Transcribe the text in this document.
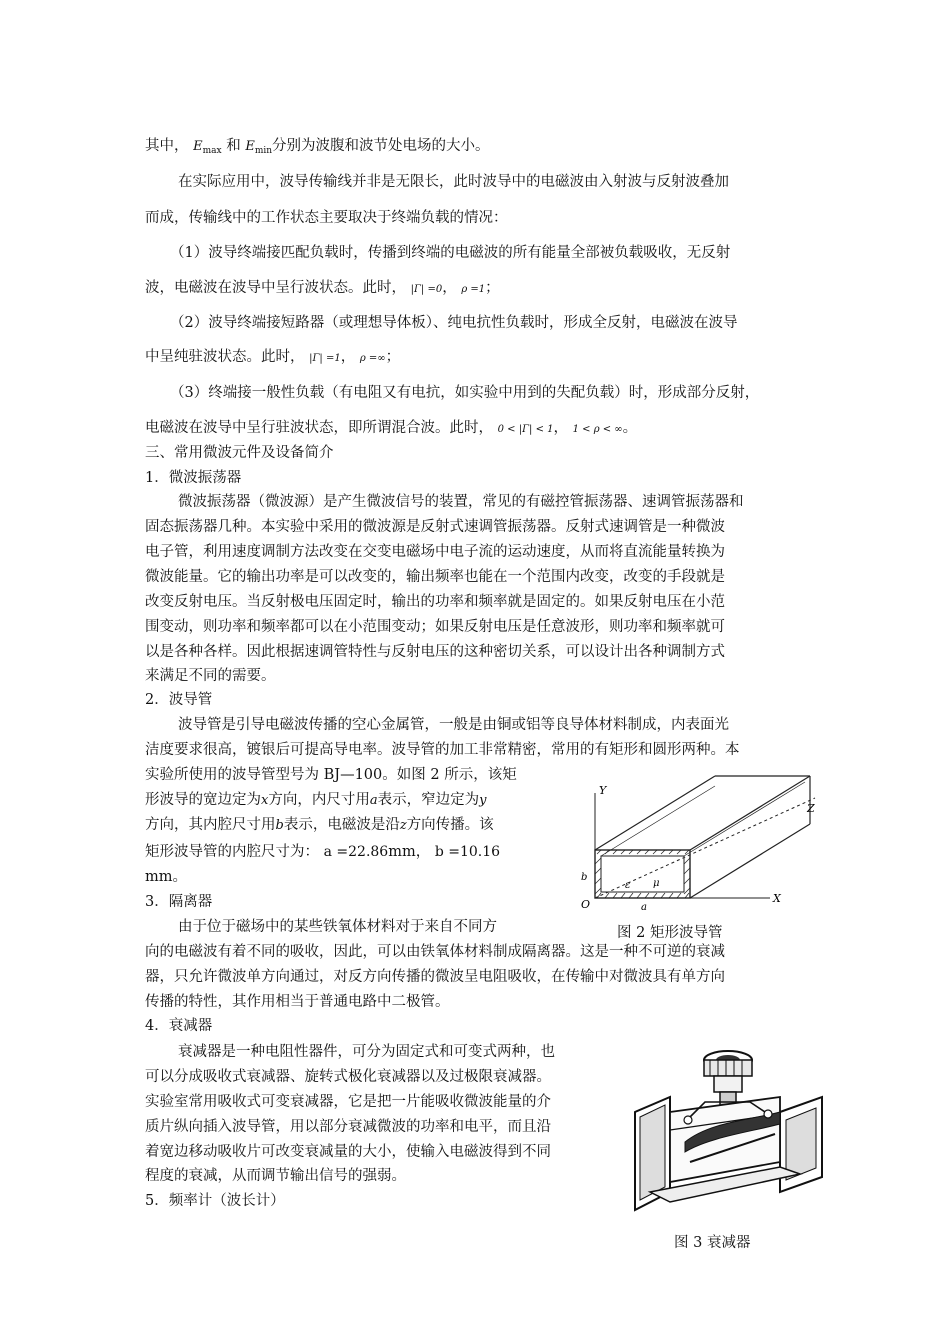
其中， $E_{max}$ 和 $E_{min}$分别为波腹和波节处电场的大小。
在实际应用中，波导传输线并非是无限长，此时波导中的电磁波由入射波与反射波叠加
而成，传输线中的工作状态主要取决于终端负载的情况：
（1）波导终端接匹配负载时，传播到终端的电磁波的所有能量全部被负载吸收，无反射
波，电磁波在波导中呈行波状态。此时， |Γ| =0， ρ =1；
（2）波导终端接短路器（或理想导体板）、纯电抗性负载时，形成全反射，电磁波在波导
中呈纯驻波状态。此时， |Γ| =1， ρ =∞；
（3）终端接一般性负载（有电阻又有电抗，如实验中用到的失配负载）时，形成部分反射，
电磁波在波导中呈行驻波状态，即所谓混合波。此时， 0 < |Γ| < 1， 1 < ρ < ∞。
三、常用微波元件及设备简介
1．微波振荡器
微波振荡器（微波源）是产生微波信号的装置，常见的有磁控管振荡器、速调管振荡器和
固态振荡器几种。本实验中采用的微波源是反射式速调管振荡器。反射式速调管是一种微波
电子管，利用速度调制方法改变在交变电磁场中电子流的运动速度，从而将直流能量转换为
微波能量。它的输出功率是可以改变的，输出频率也能在一个范围内改变，改变的手段就是
改变反射电压。当反射极电压固定时，输出的功率和频率就是固定的。如果反射电压在小范
围变动，则功率和频率都可以在小范围变动；如果反射电压是任意波形，则功率和频率就可
以是各种各样。因此根据速调管特性与反射电压的这种密切关系，可以设计出各种调制方式
来满足不同的需要。
2．波导管
波导管是引导电磁波传播的空心金属管，一般是由铜或铝等良导体材料制成，内表面光
洁度要求很高，镀银后可提高导电率。波导管的加工非常精密，常用的有矩形和圆形两种。本
实验所使用的波导管型号为 BJ—100。如图 2 所示，该矩
形波导的宽边定为x方向，内尺寸用a表示，窄边定为y
方向，其内腔尺寸用b表示，电磁波是沿z方向传播。该
矩形波导管的内腔尺寸为： a =22.86mm， b =10.16
mm。
3．隔离器
由于位于磁场中的某些铁氧体材料对于来自不同方
向的电磁波有着不同的吸收，因此，可以由铁氧体材料制成隔离器。这是一种不可逆的衰减
器，只允许微波单方向通过，对反方向传播的微波呈电阻吸收，在传输中对微波具有单方向
传播的特性，其作用相当于普通电路中二极管。
4．衰减器
衰减器是一种电阻性器件，可分为固定式和可变式两种，也
可以分成吸收式衰减器、旋转式极化衰减器以及过极限衰减器。
实验室常用吸收式可变衰减器，它是把一片能吸收微波能量的介
质片纵向插入波导管，用以部分衰减微波的功率和电平，而且沿
着宽边移动吸收片可改变衰减量的大小，使输入电磁波得到不同
程度的衰减，从而调节输出信号的强弱。
5．频率计（波长计）
Y
Z
X
b
O	a
ε μ
图 2 矩形波导管
图 3 衰减器
